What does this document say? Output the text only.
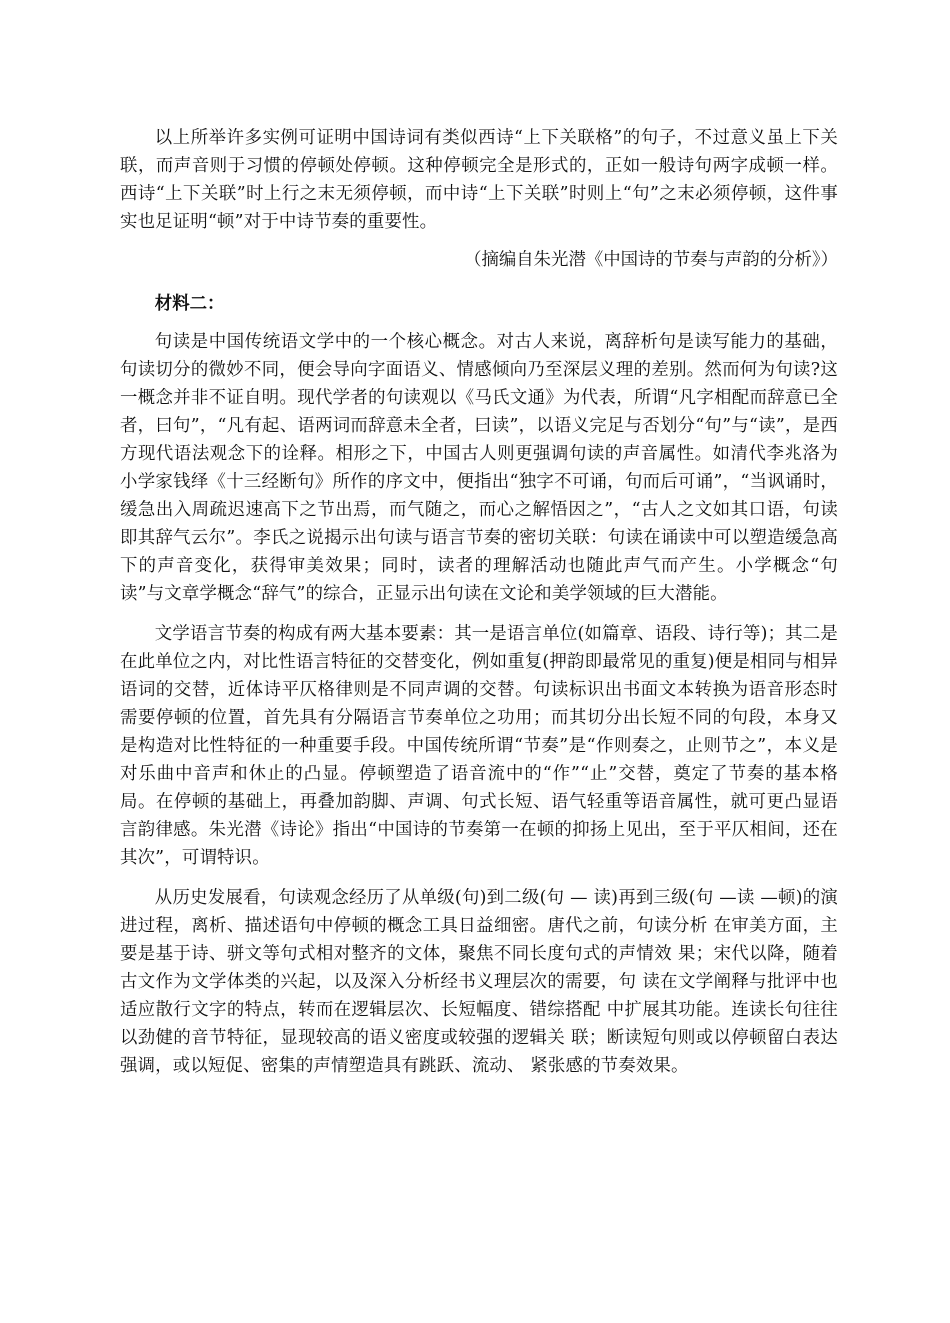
以上所举许多实例可证明中国诗词有类似西诗“上下关联格”的句子，不过意义虽上下关联，而声音则于习惯的停顿处停顿。这种停顿完全是形式的，正如一般诗句两字成顿一样。西诗“上下关联”时上行之末无须停顿，而中诗“上下关联”时则上“句”之末必须停顿，这件事实也足证明“顿”对于中诗节奏的重要性。

（摘编自朱光潜《中国诗的节奏与声韵的分析》）

材料二：

句读是中国传统语文学中的一个核心概念。对古人来说，离辞析句是读写能力的基础，句读切分的微妙不同，便会导向字面语义、情感倾向乃至深层义理的差别。然而何为句读?这一概念并非不证自明。现代学者的句读观以《马氏文通》为代表，所谓“凡字相配而辞意已全者，曰句”，“凡有起、语两词而辞意未全者，曰读”，以语义完足与否划分“句”与“读”，是西方现代语法观念下的诠释。相形之下，中国古人则更强调句读的声音属性。如清代李兆洛为小学家钱绎《十三经断句》所作的序文中，便指出“独字不可诵，句而后可诵”，“当讽诵时，缓急出入周疏迟速高下之节出焉，而气随之，而心之解悟因之”，“古人之文如其口语，句读即其辞气云尔”。李氏之说揭示出句读与语言节奏的密切关联：句读在诵读中可以塑造缓急高下的声音变化，获得审美效果；同时，读者的理解活动也随此声气而产生。小学概念“句读”与文章学概念“辞气”的综合，正显示出句读在文论和美学领域的巨大潜能。

文学语言节奏的构成有两大基本要素：其一是语言单位(如篇章、语段、诗行等)；其二是在此单位之内，对比性语言特征的交替变化，例如重复(押韵即最常见的重复)便是相同与相异语词的交替，近体诗平仄格律则是不同声调的交替。句读标识出书面文本转换为语音形态时需要停顿的位置，首先具有分隔语言节奏单位之功用；而其切分出长短不同的句段，本身又是构造对比性特征的一种重要手段。中国传统所谓“节奏”是“作则奏之，止则节之”，本义是对乐曲中音声和休止的凸显。停顿塑造了语音流中的“作”“止”交替，奠定了节奏的基本格局。在停顿的基础上，再叠加韵脚、声调、句式长短、语气轻重等语音属性，就可更凸显语言韵律感。朱光潜《诗论》指出“中国诗的节奏第一在顿的抑扬上见出，至于平仄相间，还在其次”，可谓特识。

从历史发展看，句读观念经历了从单级(句)到二级(句 — 读)再到三级(句 —读 —顿)的演进过程，离析、描述语句中停顿的概念工具日益细密。唐代之前，句读分析 在审美方面，主要是基于诗、骈文等句式相对整齐的文体，聚焦不同长度句式的声情效 果；宋代以降，随着古文作为文学体类的兴起，以及深入分析经书义理层次的需要，句 读在文学阐释与批评中也适应散行文字的特点，转而在逻辑层次、长短幅度、错综搭配 中扩展其功能。连读长句往往以劲健的音节特征，显现较高的语义密度或较强的逻辑关 联；断读短句则或以停顿留白表达强调，或以短促、密集的声情塑造具有跳跃、流动、 紧张感的节奏效果。
